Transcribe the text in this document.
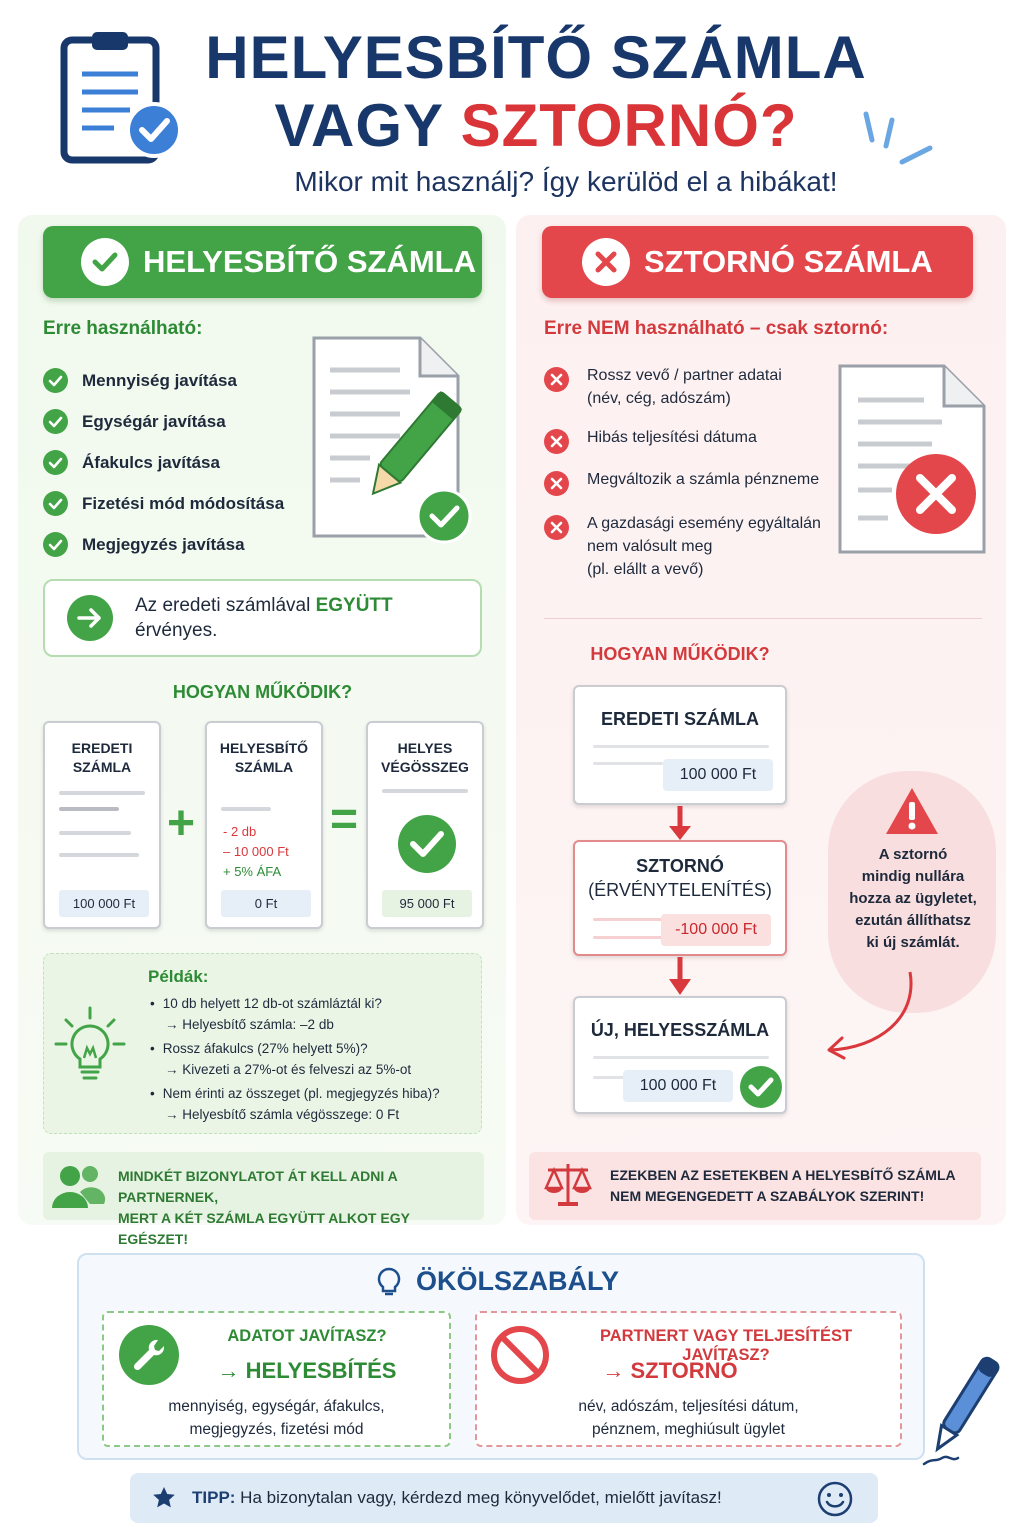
HELYESBÍTŐ SZÁMLA
VAGY SZTORNÓ?
Mikor mit használj? Így kerülöd el a hibákat!
HELYESBÍTŐ SZÁMLA
Erre használható:
Mennyiség javítása
Egységár javítása
Áfakulcs javítása
Fizetési mód módosítása
Megjegyzés javítása
Az eredeti számlával EGYÜTT
érvényes.
HOGYAN MŰKÖDIK?
EREDETI
SZÁMLA
100 000 Ft
+
HELYESBÍTŐ
SZÁMLA
- 2 db
– 10 000 Ft
+ 5% ÁFA
0 Ft
=
HELYES
VÉGÖSSZEG
95 000 Ft
Példák:
• 10 db helyett 12 db-ot számláztál ki?
→ Helyesbítő számla: –2 db
• Rossz áfakulcs (27% helyett 5%)?
→ Kivezeti a 27%-ot és felveszi az 5%-ot
• Nem érinti az összeget (pl. megjegyzés hiba)?
→ Helyesbítő számla végösszege: 0 Ft
MINDKÉT BIZONYLATOT ÁT KELL ADNI A PARTNERNEK,
MERT A KÉT SZÁMLA EGYÜTT ALKOT EGY EGÉSZET!
SZTORNÓ SZÁMLA
Erre NEM használható – csak sztornó:
Rossz vevő / partner adatai
(név, cég, adószám)
Hibás teljesítési dátuma
Megváltozik a számla pénzneme
A gazdasági esemény egyáltalán
nem valósult meg
(pl. elállt a vevő)
HOGYAN MŰKÖDIK?
EREDETI SZÁMLA
100 000 Ft
SZTORNÓ
(ÉRVÉNYTELENÍTÉS)
-100 000 Ft
ÚJ, HELYESSZÁMLA
100 000 Ft
A sztornó
mindig nullára
hozza az ügyletet,
ezután állíthatsz
ki új számlát.
EZEKBEN AZ ESETEKBEN A HELYESBÍTŐ SZÁMLA
NEM MEGENGEDETT A SZABÁLYOK SZERINT!
ÖKÖLSZABÁLY
ADATOT JAVÍTASZ?
→ HELYESBÍTÉS
mennyiség, egységár, áfakulcs,
megjegyzés, fizetési mód
PARTNERT VAGY TELJESÍTÉST JAVÍTASZ?
→ SZTORNÓ
név, adószám, teljesítési dátum,
pénznem, meghiúsult ügylet
TIPP: Ha bizonytalan vagy, kérdezd meg könyvelődet, mielőtt javítasz!
